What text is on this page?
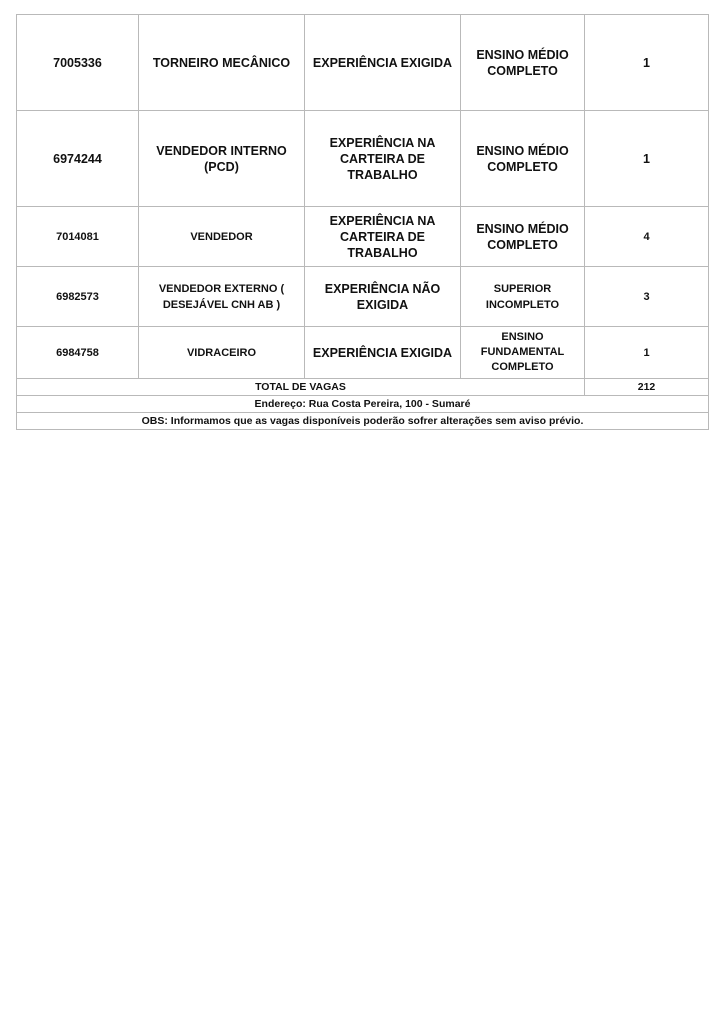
7005336	TORNEIRO MECÂNICO	EXPERIÊNCIA EXIGIDA	ENSINO MÉDIO COMPLETO	1
6974244	VENDEDOR INTERNO (PCD)	EXPERIÊNCIA NA CARTEIRA DE TRABALHO	ENSINO MÉDIO COMPLETO	1
7014081	VENDEDOR	EXPERIÊNCIA NA CARTEIRA DE TRABALHO	ENSINO MÉDIO COMPLETO	4
6982573	VENDEDOR EXTERNO ( DESEJÁVEL CNH AB )	EXPERIÊNCIA NÃO EXIGIDA	SUPERIOR INCOMPLETO	3
6984758	VIDRACEIRO	EXPERIÊNCIA EXIGIDA	ENSINO FUNDAMENTAL COMPLETO	1
TOTAL DE VAGAS				212
Endereço: Rua Costa Pereira, 100 - Sumaré				
OBS: Informamos que as vagas disponíveis poderão sofrer alterações sem aviso prévio.				
